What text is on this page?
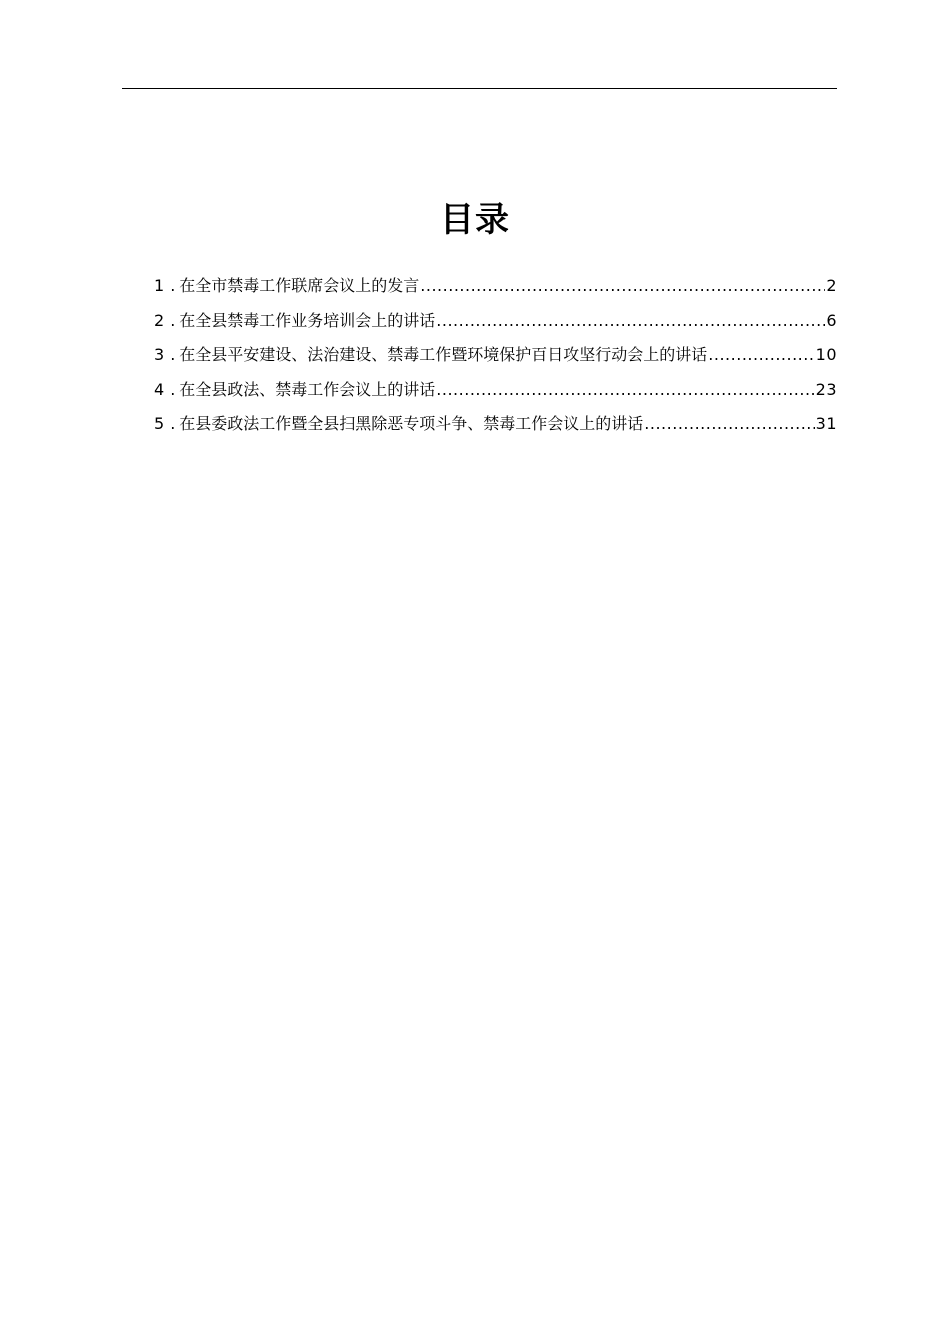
目录
1 . 在全市禁毒工作联席会议上的发言 .....	2
2 . 在全县禁毒工作业务培训会上的讲话 .....	6
3 . 在全县平安建设、法治建设、禁毒工作暨环境保护百日攻坚行动会上的讲话 .....	10
4 . 在全县政法、禁毒工作会议上的讲话 .....	23
5 . 在县委政法工作暨全县扫黑除恶专项斗争、禁毒工作会议上的讲话 .....	31
